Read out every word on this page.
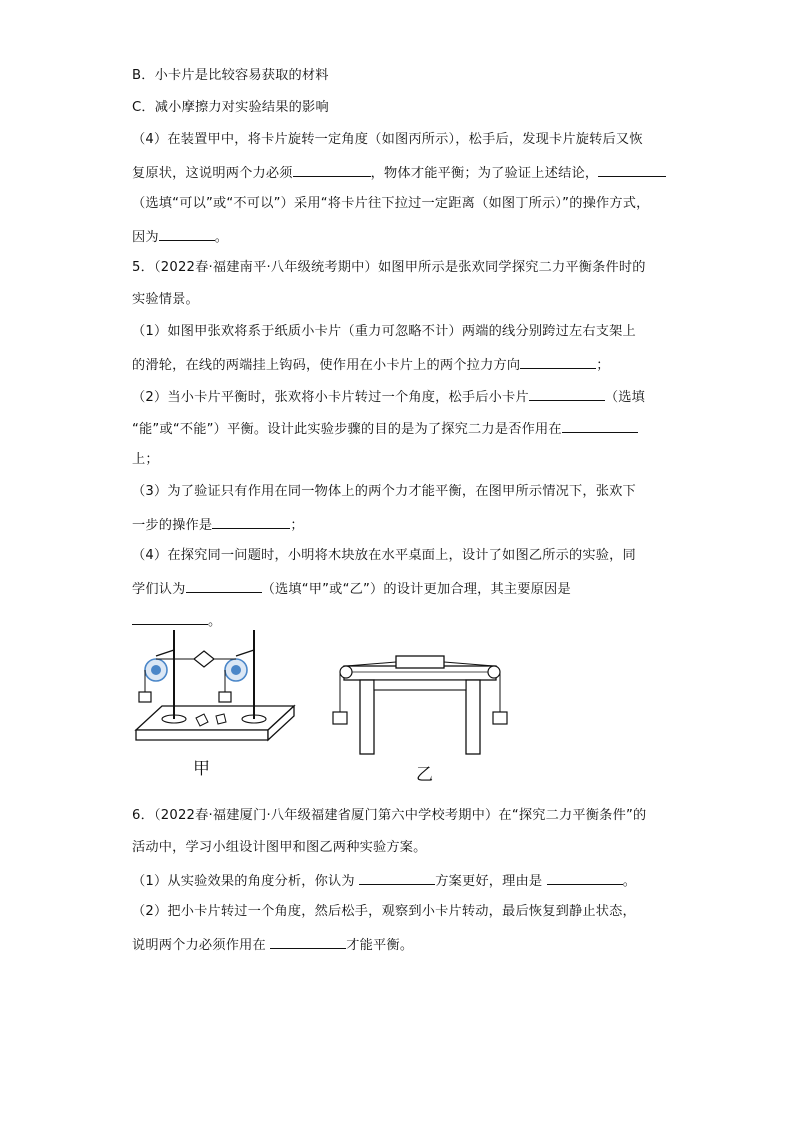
B．小卡片是比较容易获取的材料
C．减小摩擦力对实验结果的影响
（4）在装置甲中，将卡片旋转一定角度（如图丙所示），松手后，发现卡片旋转后又恢
复原状，这说明两个力必须	，物体才能平衡；为了验证上述结论，
（选填“可以”或“不可以”）采用“将卡片往下拉过一定距离（如图丁所示）”的操作方式，
因为	。
5．（2022春·福建南平·八年级统考期中）如图甲所示是张欢同学探究二力平衡条件时的
实验情景。
（1）如图甲张欢将系于纸质小卡片（重力可忽略不计）两端的线分别跨过左右支架上
的滑轮，在线的两端挂上钩码，使作用在小卡片上的两个拉力方向	；
（2）当小卡片平衡时，张欢将小卡片转过一个角度，松手后小卡片	（选填
“能”或“不能”）平衡。设计此实验步骤的目的是为了探究二力是否作用在
上；
（3）为了验证只有作用在同一物体上的两个力才能平衡，在图甲所示情况下，张欢下
一步的操作是	；
（4）在探究同一问题时，小明将木块放在水平桌面上，设计了如图乙所示的实验，同
学们认为	（选填“甲”或“乙”）的设计更加合理，其主要原因是
。
6．（2022春·福建厦门·八年级福建省厦门第六中学校考期中）在“探究二力平衡条件”的
活动中，学习小组设计图甲和图乙两种实验方案。
（1）从实验效果的角度分析，你认为	方案更好，理由是	。
（2）把小卡片转过一个角度，然后松手，观察到小卡片转动，最后恢复到静止状态，
说明两个力必须作用在	才能平衡。
甲	乙
